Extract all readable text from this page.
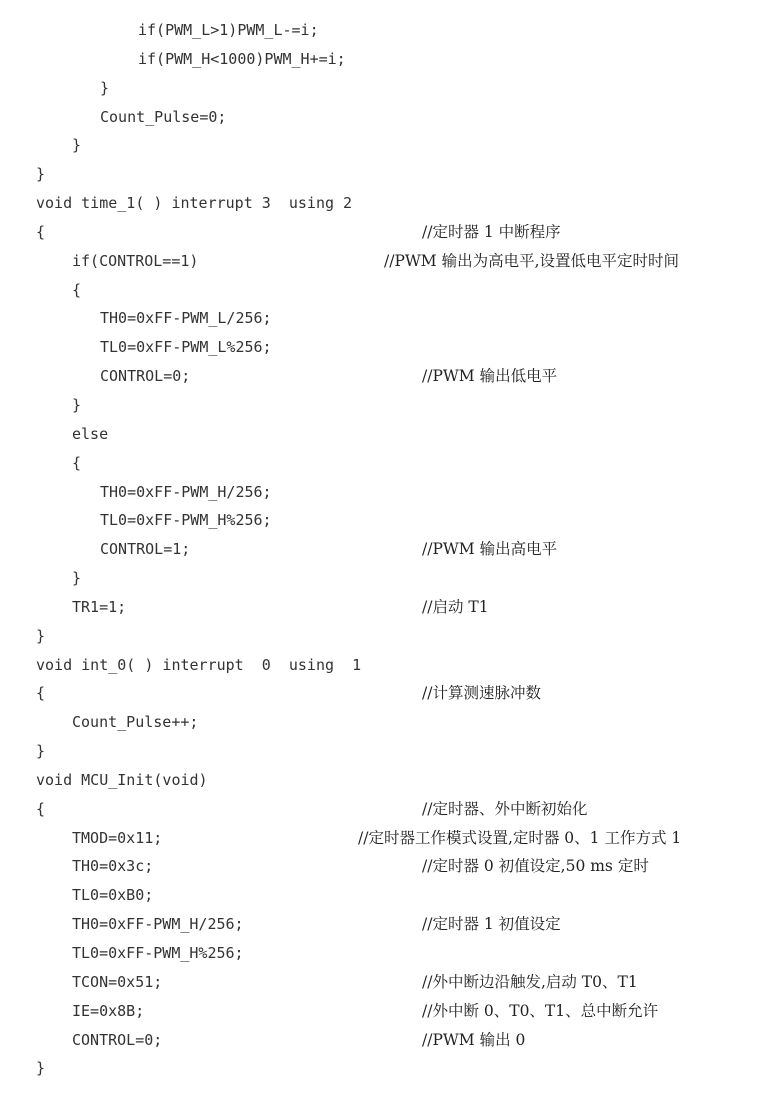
if(PWM_L>1)PWM_L-=i;
if(PWM_H<1000)PWM_H+=i;
}
Count_Pulse=0;
}
}
void time_1( ) interrupt 3  using 2
{	//定时器 1 中断程序
if(CONTROL==1)	//PWM 输出为高电平,设置低电平定时时间
{
TH0=0xFF-PWM_L/256;
TL0=0xFF-PWM_L%256;
CONTROL=0;	//PWM 输出低电平
}
else
{
TH0=0xFF-PWM_H/256;
TL0=0xFF-PWM_H%256;
CONTROL=1;	//PWM 输出高电平
}
TR1=1;	//启动 T1
}
void int_0( ) interrupt  0  using  1
{	//计算测速脉冲数
Count_Pulse++;
}
void MCU_Init(void)
{	//定时器、外中断初始化
TMOD=0x11;	//定时器工作模式设置,定时器 0、1 工作方式 1
TH0=0x3c;	//定时器 0 初值设定,50 ms 定时
TL0=0xB0;
TH0=0xFF-PWM_H/256;	//定时器 1 初值设定
TL0=0xFF-PWM_H%256;
TCON=0x51;	//外中断边沿触发,启动 T0、T1
IE=0x8B;	//外中断 0、T0、T1、总中断允许
CONTROL=0;	//PWM 输出 0
}
